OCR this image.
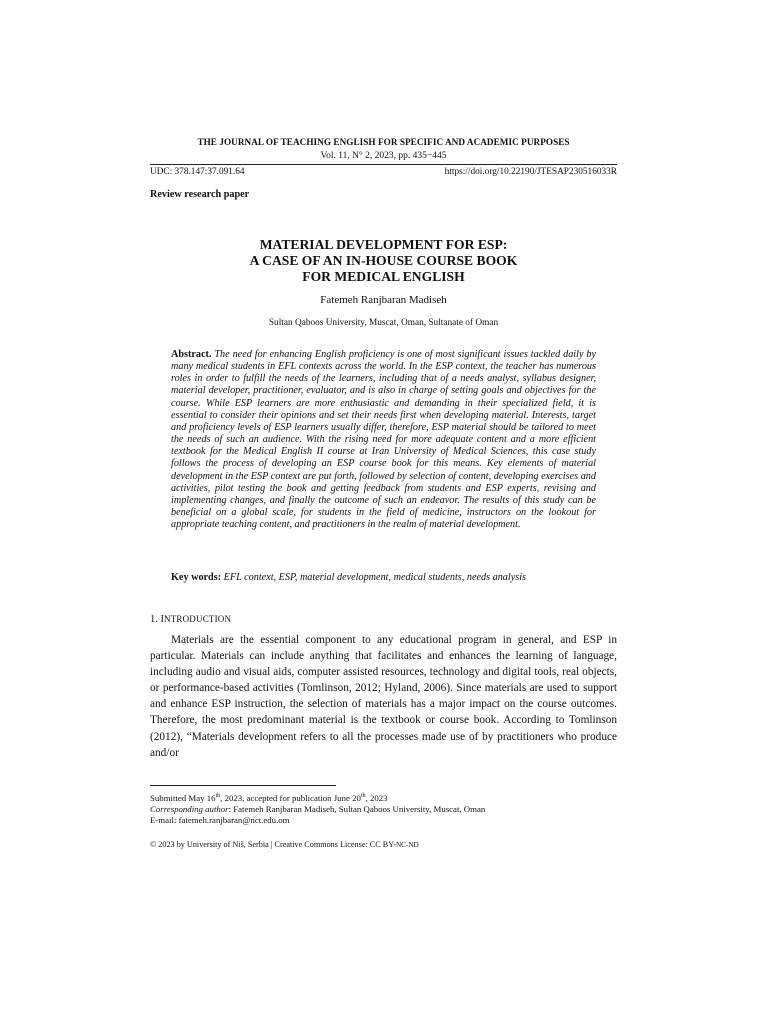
THE JOURNAL OF TEACHING ENGLISH FOR SPECIFIC AND ACADEMIC PURPOSES
Vol. 11, N° 2, 2023, pp. 435−445
UDC: 378.147:37.091.64	https://doi.org/10.22190/JTESAP230516033R
Review research paper
MATERIAL DEVELOPMENT FOR ESP:
A CASE OF AN IN-HOUSE COURSE BOOK
FOR MEDICAL ENGLISH
Fatemeh Ranjbaran Madiseh
Sultan Qaboos University, Muscat, Oman, Sultanate of Oman
Abstract. The need for enhancing English proficiency is one of most significant issues tackled daily by many medical students in EFL contexts across the world. In the ESP context, the teacher has numerous roles in order to fulfill the needs of the learners, including that of a needs analyst, syllabus designer, material developer, practitioner, evaluator, and is also in charge of setting goals and objectives for the course. While ESP learners are more enthusiastic and demanding in their specialized field, it is essential to consider their opinions and set their needs first when developing material. Interests, target and proficiency levels of ESP learners usually differ, therefore, ESP material should be tailored to meet the needs of such an audience. With the rising need for more adequate content and a more efficient textbook for the Medical English II course at Iran University of Medical Sciences, this case study follows the process of developing an ESP course book for this means. Key elements of material development in the ESP context are put forth, followed by selection of content, developing exercises and activities, pilot testing the book and getting feedback from students and ESP experts, revising and implementing changes, and finally the outcome of such an endeavor. The results of this study can be beneficial on a global scale, for students in the field of medicine, instructors on the lookout for appropriate teaching content, and practitioners in the realm of material development.
Key words: EFL context, ESP, material development, medical students, needs analysis
1. INTRODUCTION

Materials are the essential component to any educational program in general, and ESP in particular. Materials can include anything that facilitates and enhances the learning of language, including audio and visual aids, computer assisted resources, technology and digital tools, real objects, or performance-based activities (Tomlinson, 2012; Hyland, 2006). Since materials are used to support and enhance ESP instruction, the selection of materials has a major impact on the course outcomes. Therefore, the most predominant material is the textbook or course book. According to Tomlinson (2012), “Materials development refers to all the processes made use of by practitioners who produce and/or

Submitted May 16th, 2023, accepted for publication June 20th, 2023
Corresponding author: Fatemeh Ranjbaran Madiseh, Sultan Qaboos University, Muscat, Oman
E-mail: fatemeh.ranjbaran@nct.edu.om
© 2023 by University of Niš, Serbia | Creative Commons License: CC BY-NC-ND
